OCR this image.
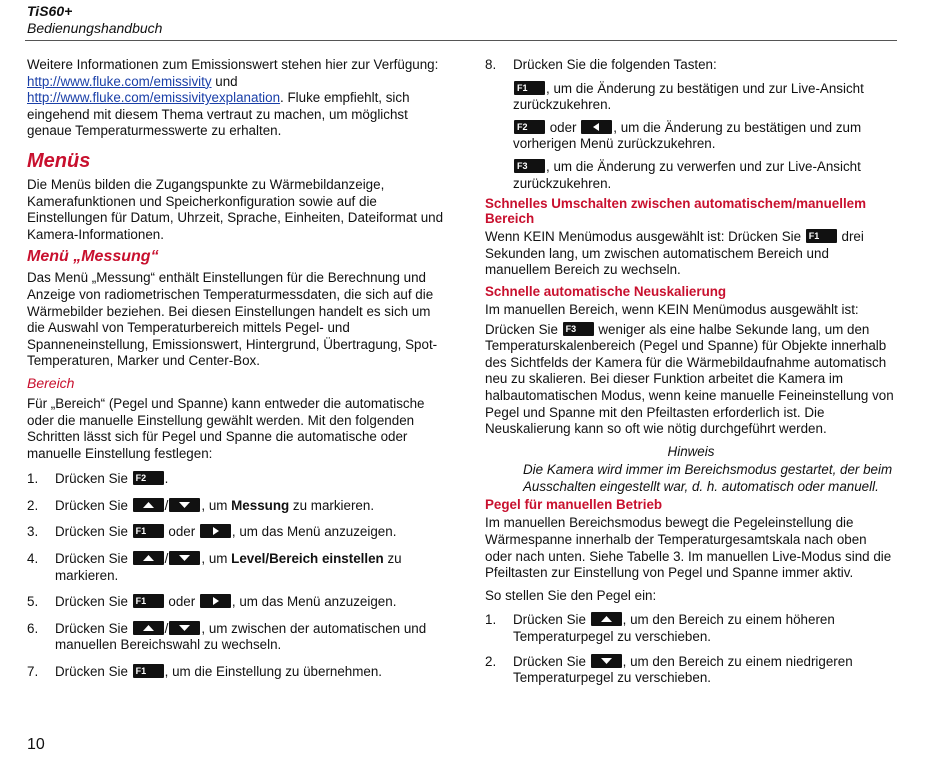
TiS60+
Bedienungshandbuch

Weitere Informationen zum Emissionswert stehen hier zur Verfügung: http://www.fluke.com/emissivity und http://www.fluke.com/emissivityexplanation. Fluke empfiehlt, sich eingehend mit diesem Thema vertraut zu machen, um möglichst genaue Temperaturmesswerte zu erhalten.

Menüs

Die Menüs bilden die Zugangspunkte zu Wärmebildanzeige, Kamerafunktionen und Speicherkonfiguration sowie auf die Einstellungen für Datum, Uhrzeit, Sprache, Einheiten, Dateiformat und Kamera-Informationen.

Menü „Messung“

Das Menü „Messung“ enthält Einstellungen für die Berechnung und Anzeige von radiometrischen Temperaturmessdaten, die sich auf die Wärmebilder beziehen. Bei diesen Einstellungen handelt es sich um die Auswahl von Temperaturbereich mittels Pegel- und Spanneneinstellung, Emissionswert, Hintergrund, Übertragung, Spot-Temperaturen, Marker und Center-Box.

Bereich

Für „Bereich“ (Pegel und Spanne) kann entweder die automatische oder die manuelle Einstellung gewählt werden. Mit den folgenden Schritten lässt sich für Pegel und Spanne die automatische oder manuelle Einstellung festlegen:

1. Drücken Sie F2 .
2. Drücken Sie
/ , um Messung zu markieren.
3. Drücken Sie F1 oder
, um das Menü anzuzeigen.
4. Drücken Sie
/ , um Level/Bereich einstellen zu markieren.
5. Drücken Sie F1 oder
, um das Menü anzuzeigen.
6. Drücken Sie
/ , um zwischen der automatischen und manuellen Bereichswahl zu wechseln.
7. Drücken Sie F1 , um die Einstellung zu übernehmen.
8. Drücken Sie die folgenden Tasten:

F1 , um die Änderung zu bestätigen und zur Live-Ansicht zurückzukehren.

F2 oder
, um die Änderung zu bestätigen und zum vorherigen Menü zurückzukehren.

F3 , um die Änderung zu verwerfen und zur Live-Ansicht zurückzukehren.

Schnelles Umschalten zwischen automatischem/manuellem Bereich

Wenn KEIN Menümodus ausgewählt ist: Drücken Sie F1 drei Sekunden lang, um zwischen automatischem Bereich und manuellem Bereich zu wechseln.

Schnelle automatische Neuskalierung

Im manuellen Bereich, wenn KEIN Menümodus ausgewählt ist:

Drücken Sie F3 weniger als eine halbe Sekunde lang, um den Temperaturskalenbereich (Pegel und Spanne) für Objekte innerhalb des Sichtfelds der Kamera für die Wärmebildaufnahme automatisch neu zu skalieren. Bei dieser Funktion arbeitet die Kamera im halbautomatischen Modus, wenn keine manuelle Feineinstellung von Pegel und Spanne mit den Pfeiltasten erforderlich ist. Die Neuskalierung kann so oft wie nötig durchgeführt werden.

Hinweis
Die Kamera wird immer im Bereichsmodus gestartet, der beim Ausschalten eingestellt war, d. h. automatisch oder manuell.
Pegel für manuellen Betrieb

Im manuellen Bereichsmodus bewegt die Pegeleinstellung die Wärmespanne innerhalb der Temperaturgesamtskala nach oben oder nach unten. Siehe Tabelle 3. Im manuellen Live-Modus sind die Pfeiltasten zur Einstellung von Pegel und Spanne immer aktiv.

So stellen Sie den Pegel ein:

1. Drücken Sie
, um den Bereich zu einem höheren Temperaturpegel zu verschieben.
2. Drücken Sie
, um den Bereich zu einem niedrigeren Temperaturpegel zu verschieben.
10
